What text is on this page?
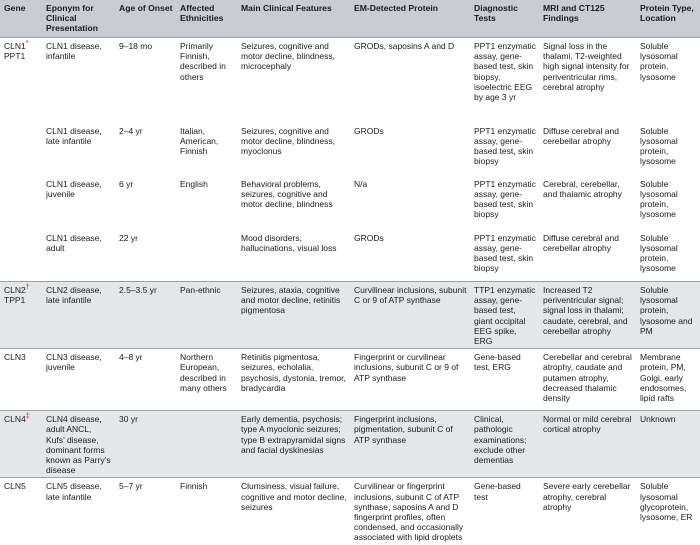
Gene	Eponym for Clinical Presentation	Age of Onset	Affected Ethnicities	Main Clinical Features	EM-Detected Protein	Diagnostic Tests	MRI and CT125 Findings	Protein Type, Location
CLN1*
PPT1	CLN1 disease, infantile	9–18 mo	Primarily Finnish, described in others	Seizures, cognitive and motor decline, blindness, microcephaly	GRODs, saposins A and D	PPT1 enzymatic assay, gene-based test, skin biopsy, isoelectric EEG by age 3 yr	Signal loss in the thalami, T2-weighted high signal intensity for periventricular rims, cerebral atrophy	Soluble lysosomal protein, lysosome
	CLN1 disease, late infantile	2–4 yr	Italian, American, Finnish	Seizures, cognitive and motor decline, blindness, myoclonus	GRODs	PPT1 enzymatic assay, gene-based test, skin biopsy	Diffuse cerebral and cerebellar atrophy	Soluble lysosomal protein, lysosome
	CLN1 disease, juvenile	6 yr	English	Behavioral problems, seizures, cognitive and motor decline, blindness	N/a	PPT1 enzymatic assay, gene-based test, skin biopsy	Cerebral, cerebellar, and thalamic atrophy	Soluble lysosomal protein, lysosome
	CLN1 disease, adult	22 yr		Mood disorders, hallucinations, visual loss	GRODs	PPT1 enzymatic assay, gene-based test, skin biopsy	Diffuse cerebral and cerebellar atrophy	Soluble lysosomal protein, lysosome
CLN2†
TPP1	CLN2 disease, late infantile	2.5–3.5 yr	Pan-ethnic	Seizures, ataxia, cognitive and motor decline, retinitis pigmentosa	Curvilinear inclusions, subunit C or 9 of ATP synthase	TTP1 enzymatic assay, gene-based test, giant occipital EEG spike, ERG	Increased T2 periventricular signal; signal loss in thalami; caudate, cerebral, and cerebellar atrophy	Soluble lysosomal protein, lysosome and PM
CLN3	CLN3 disease, juvenile	4–8 yr	Northern European, described in many others	Retinitis pigmentosa, seizures, echolalia, psychosis, dystonia, tremor, bradycardia	Fingerprint or curvilinear inclusions, subunit C or 9 of ATP synthase	Gene-based test, ERG	Cerebellar and cerebral atrophy, caudate and putamen atrophy, decreased thalamic density	Membrane protein, PM, Golgi, early endosomes, lipid rafts
CLN4‡	CLN4 disease, adult ANCL, Kufs’ disease, dominant forms known as Parry’s disease	30 yr		Early dementia, psychosis; type A myoclonic seizures; type B extrapyramidal signs and facial dyskinesias	Fingerprint inclusions, pigmentation, subunit C of ATP synthase	Clinical, pathologic examinations; exclude other dementias	Normal or mild cerebral cortical atrophy	Unknown
CLN5	CLN5 disease, late infantile	5–7 yr	Finnish	Clumsiness, visual failure, cognitive and motor decline, seizures	Curvilinear or fingerprint inclusions, subunit C of ATP synthase, saposins A and D fingerprint profiles, often condensed, and occasionally associated with lipid droplets	Gene-based test	Severe early cerebellar atrophy, cerebral atrophy	Soluble lysosomal glycoprotein, lysosome, ER
